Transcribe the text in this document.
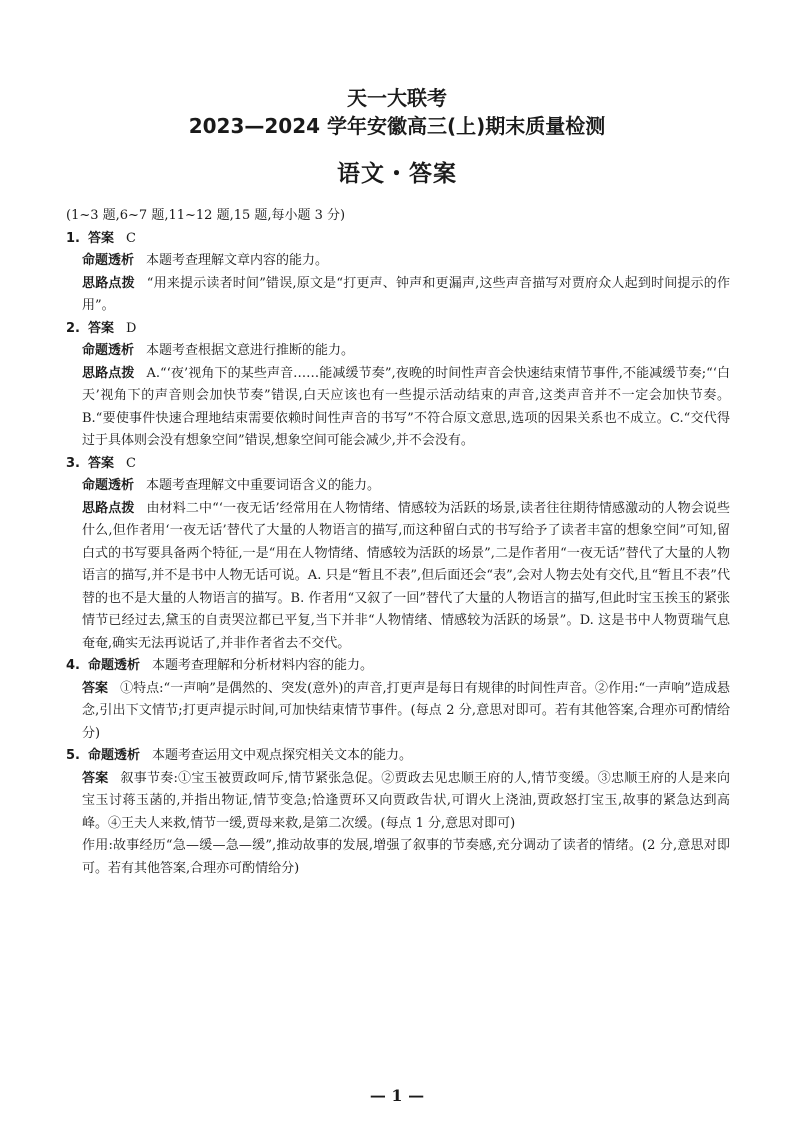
天一大联考
2023—2024 学年安徽高三(上)期末质量检测
语文・答案
(1~3 题,6~7 题,11~12 题,15 题,每小题 3 分)
1. 答案 C
命题透析 本题考查理解文章内容的能力。
思路点拨 “用来提示读者时间”错误,原文是“打更声、钟声和更漏声,这些声音描写对贾府众人起到时间提示的作用”。
2. 答案 D
命题透析 本题考查根据文意进行推断的能力。
思路点拨 A.“‘夜’视角下的某些声音……能减缓节奏”,夜晚的时间性声音会快速结束情节事件,不能减缓节奏;“‘白天’视角下的声音则会加快节奏”错误,白天应该也有一些提示活动结束的声音,这类声音并不一定会加快节奏。B.“要使事件快速合理地结束需要依赖时间性声音的书写”不符合原文意思,选项的因果关系也不成立。C.“交代得过于具体则会没有想象空间”错误,想象空间可能会减少,并不会没有。
3. 答案 C
命题透析 本题考查理解文中重要词语含义的能力。
思路点拨 由材料二中“‘一夜无话’经常用在人物情绪、情感较为活跃的场景,读者往往期待情感激动的人物会说些什么,但作者用‘一夜无话’替代了大量的人物语言的描写,而这种留白式的书写给予了读者丰富的想象空间”可知,留白式的书写要具备两个特征,一是“用在人物情绪、情感较为活跃的场景”,二是作者用“一夜无话”替代了大量的人物语言的描写,并不是书中人物无话可说。A. 只是“暂且不表”,但后面还会“表”,会对人物去处有交代,且“暂且不表”代替的也不是大量的人物语言的描写。B. 作者用“又叙了一回”替代了大量的人物语言的描写,但此时宝玉挨玉的紧张情节已经过去,黛玉的自责哭泣都已平复,当下并非“人物情绪、情感较为活跃的场景”。D. 这是书中人物贾瑞气息奄奄,确实无法再说话了,并非作者省去不交代。
4. 命题透析 本题考查理解和分析材料内容的能力。
答案 ①特点:“一声响”是偶然的、突发(意外)的声音,打更声是每日有规律的时间性声音。②作用:“一声响”造成悬念,引出下文情节;打更声提示时间,可加快结束情节事件。(每点 2 分,意思对即可。若有其他答案,合理亦可酌情给分)
5. 命题透析 本题考查运用文中观点探究相关文本的能力。
答案 叙事节奏:①宝玉被贾政呵斥,情节紧张急促。②贾政去见忠顺王府的人,情节变缓。③忠顺王府的人是来向宝玉讨蒋玉菡的,并指出物证,情节变急;恰逢贾环又向贾政告状,可谓火上浇油,贾政怒打宝玉,故事的紧急达到高峰。④王夫人来救,情节一缓,贾母来救,是第二次缓。(每点 1 分,意思对即可)
作用:故事经历“急—缓—急—缓”,推动故事的发展,增强了叙事的节奏感,充分调动了读者的情绪。(2 分,意思对即可。若有其他答案,合理亦可酌情给分)
— 1 —
